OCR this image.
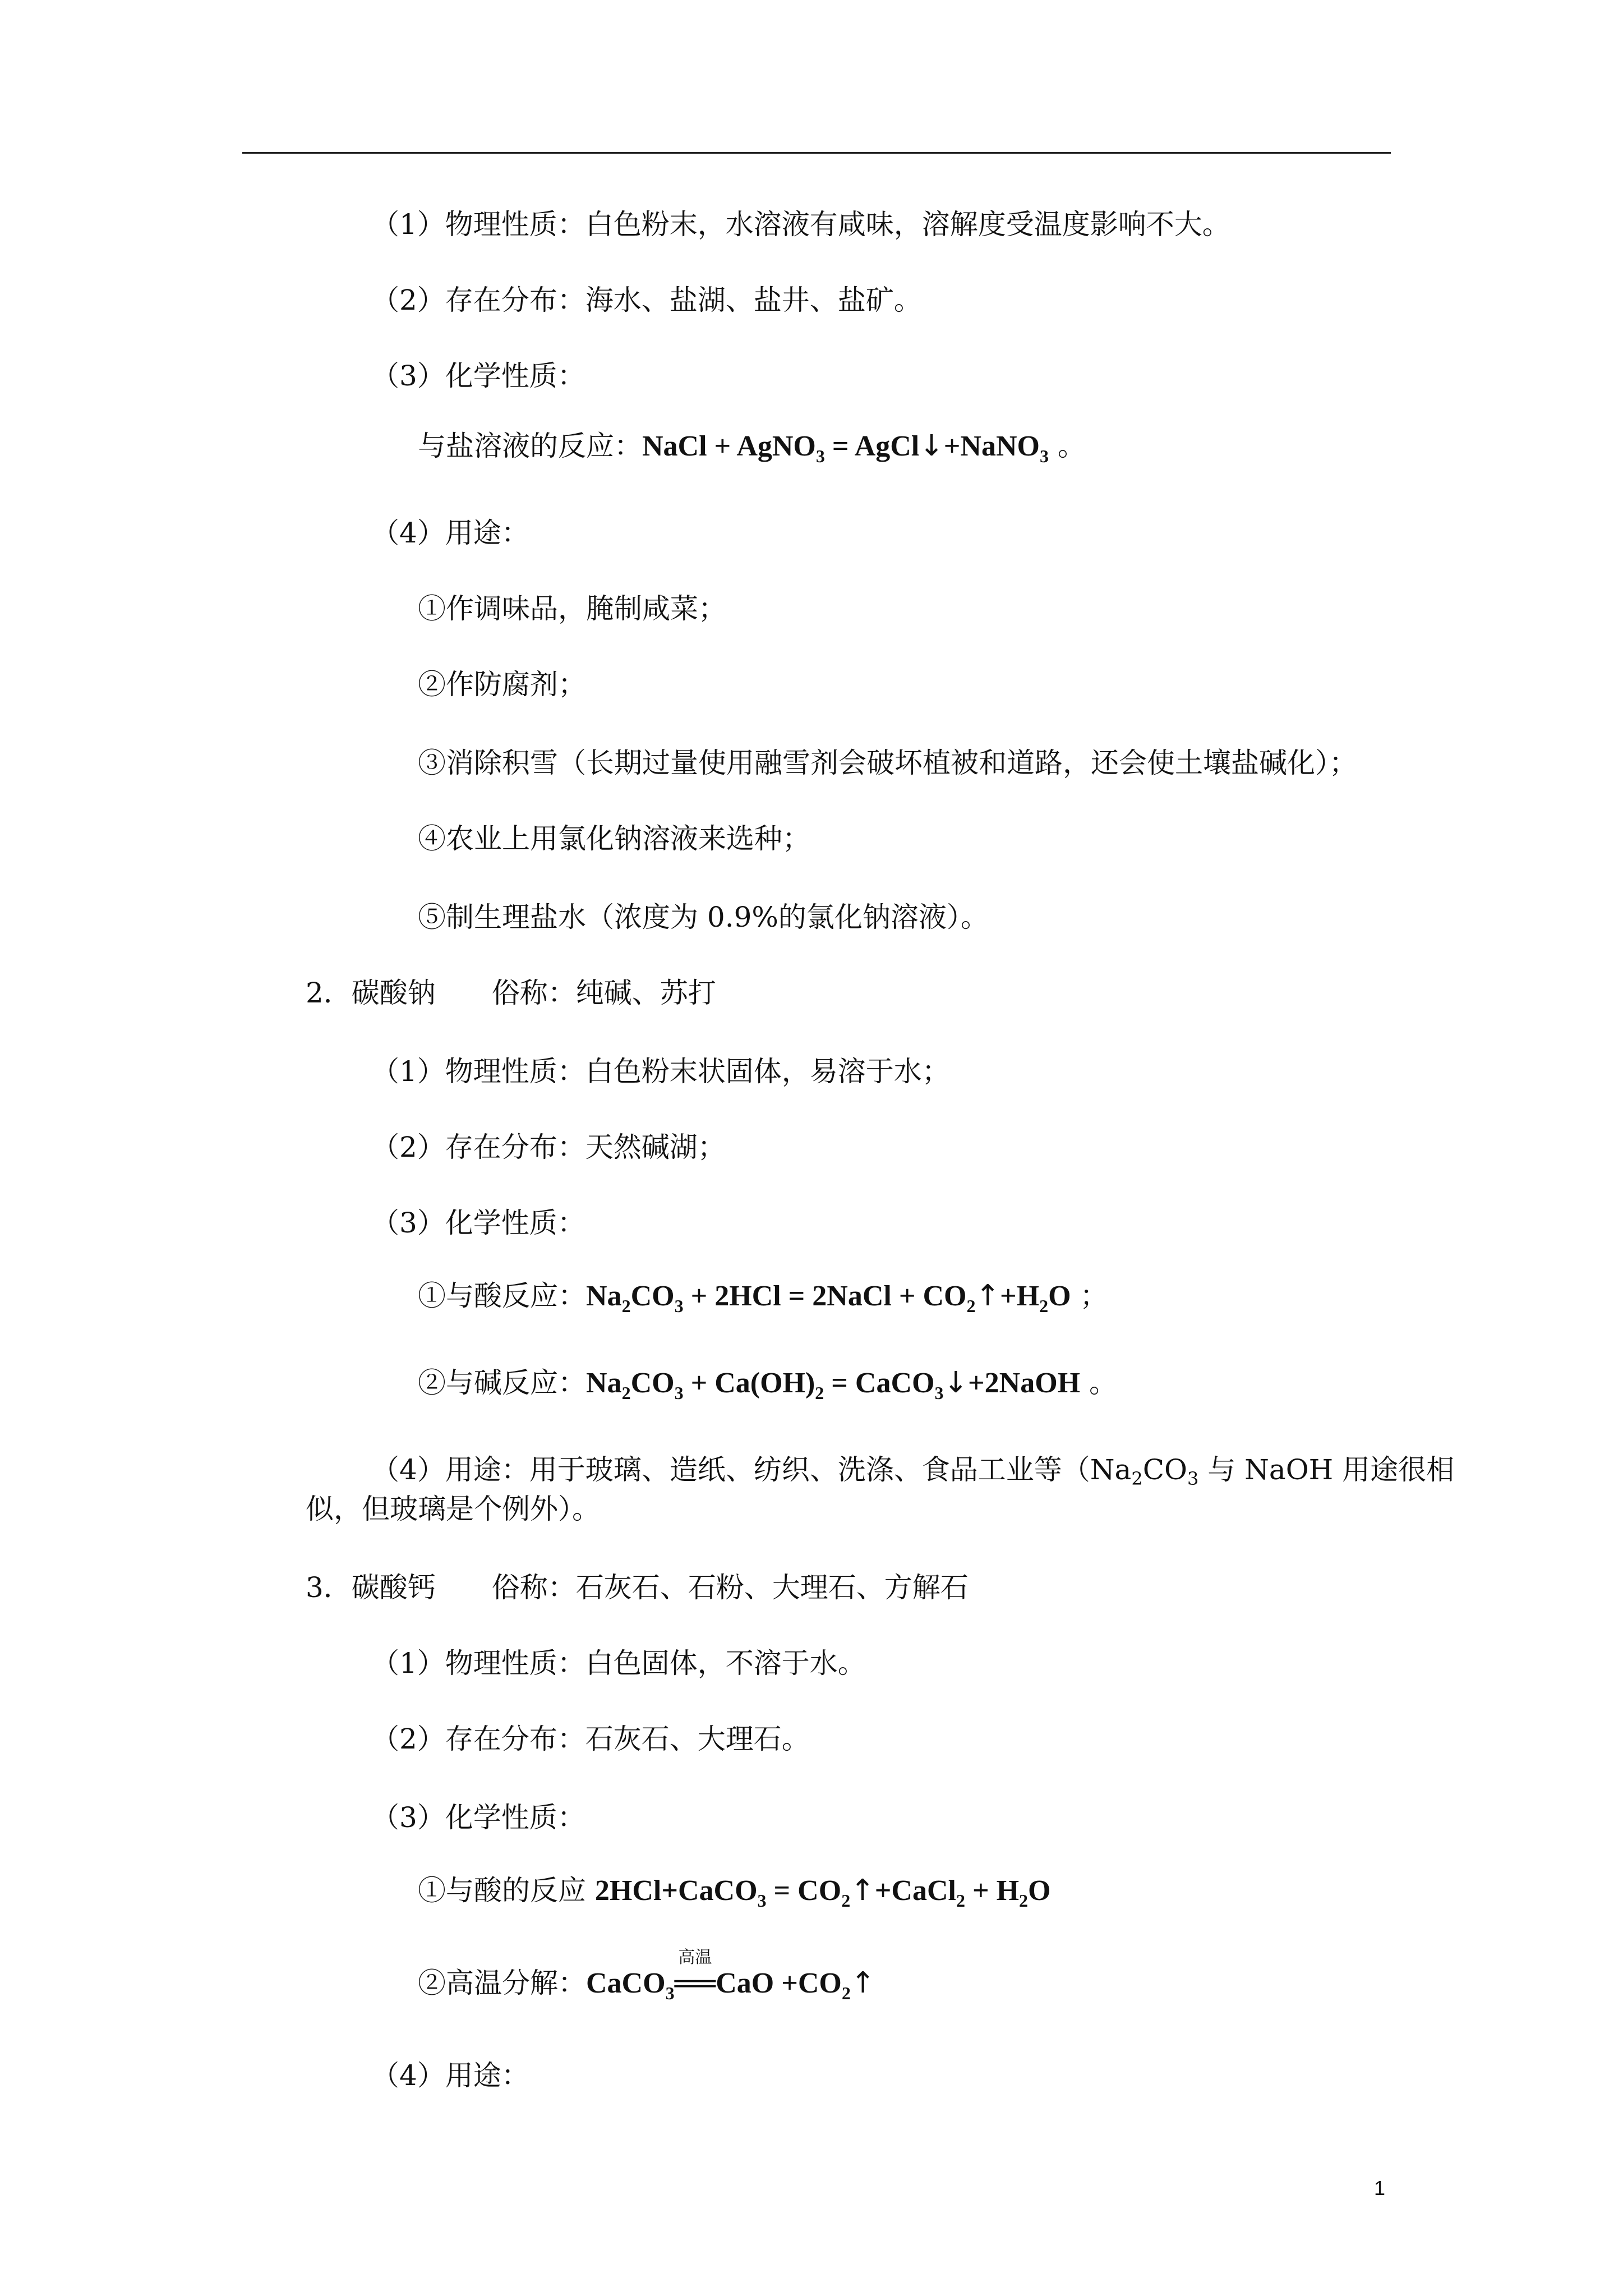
（1）物理性质：白色粉末，水溶液有咸味，溶解度受温度影响不大。
（2）存在分布：海水、盐湖、盐井、盐矿。
（3）化学性质：
与盐溶液的反应：NaCl + AgNO$_3$ = AgCl↓+NaNO$_3$ 。
（4）用途：
①作调味品，腌制咸菜；
②作防腐剂；
③消除积雪（长期过量使用融雪剂会破坏植被和道路，还会使土壤盐碱化）；
④农业上用氯化钠溶液来选种；
⑤制生理盐水（浓度为 0.9%的氯化钠溶液）。
2．碳酸钠　　俗称：纯碱、苏打
（1）物理性质：白色粉末状固体，易溶于水；
（2）存在分布：天然碱湖；
（3）化学性质：
①与酸反应：$Na_2CO_3 + 2HCl$ = 2NaCl + $CO_2↑+H_2O$ ；
②与碱反应：$Na_2CO_3 + Ca(OH)_2$ = CaCO$_3$↓+2NaOH 。
（4）用途：用于玻璃、造纸、纺织、洗涤、食品工业等（$Na_2CO_3$ 与 NaOH 用途很相
似，但玻璃是个例外）。
3．碳酸钙　　俗称：石灰石、石粉、大理石、方解石
（1）物理性质：白色固体，不溶于水。
（2）存在分布：石灰石、大理石。
（3）化学性质：
①与酸的反应 2HCl+CaCO$_3$ = $CO_2↑+CaCl_2 + H_2O$
②高温分解：CaCO$_3$
高温
══CaO $+CO_2↑$
（4）用途：
1
